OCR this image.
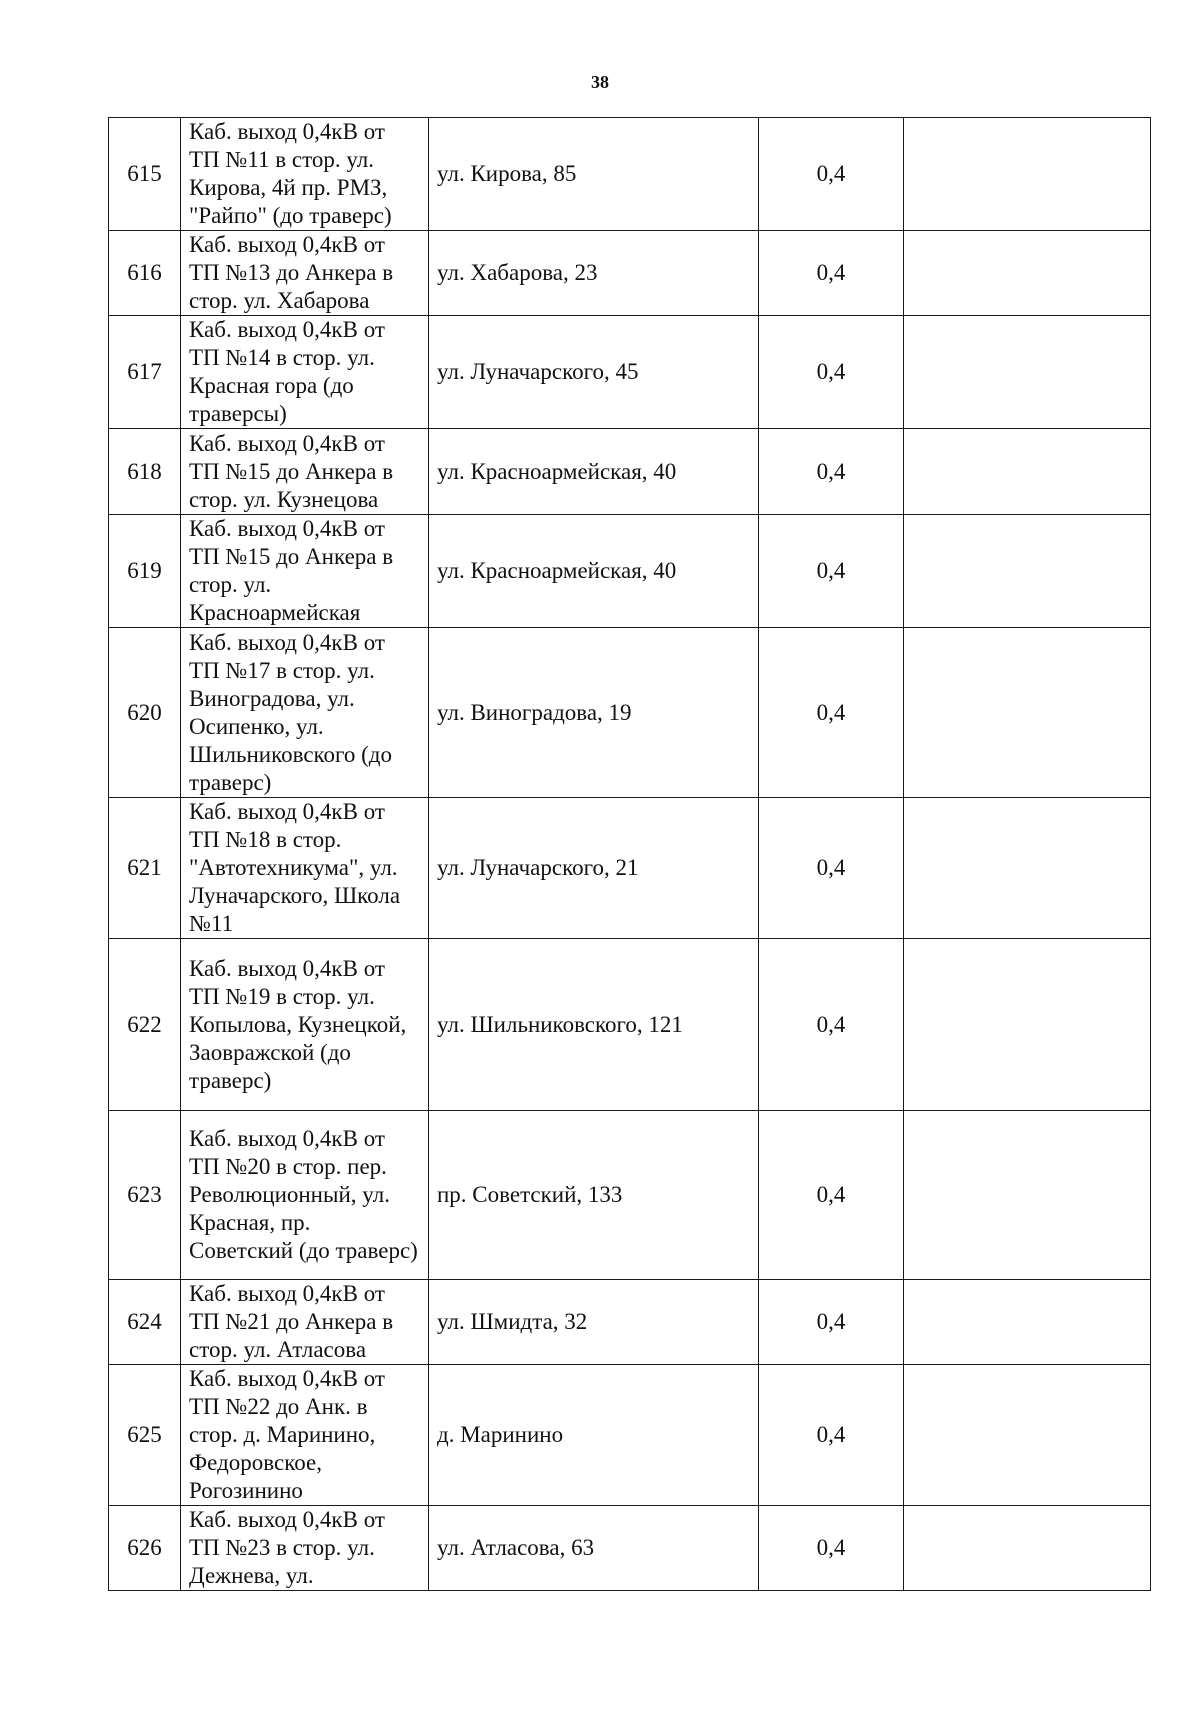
38
615	Каб. выход 0,4кВ от ТП №11 в стор. ул. Кирова, 4й пр. РМЗ, "Райпо" (до траверс)	ул. Кирова, 85	0,4	
616	Каб. выход 0,4кВ от ТП №13 до Анкера в стор. ул. Хабарова	ул. Хабарова, 23	0,4	
617	Каб. выход 0,4кВ от ТП №14 в стор. ул. Красная гора (до траверсы)	ул. Луначарского, 45	0,4	
618	Каб. выход 0,4кВ от ТП №15 до Анкера в стор. ул. Кузнецова	ул. Красноармейская, 40	0,4	
619	Каб. выход 0,4кВ от ТП №15 до Анкера в стор. ул. Красноармейская	ул. Красноармейская, 40	0,4	
620	Каб. выход 0,4кВ от ТП №17 в стор. ул. Виноградова, ул. Осипенко, ул. Шильниковского (до траверс)	ул. Виноградова, 19	0,4	
621	Каб. выход 0,4кВ от ТП №18 в стор. "Автотехникума", ул. Луначарского, Школа №11	ул. Луначарского, 21	0,4	
622	Каб. выход 0,4кВ от ТП №19 в стор. ул. Копылова, Кузнецкой, Заовражской (до траверс)	ул. Шильниковского, 121	0,4	
623	Каб. выход 0,4кВ от ТП №20 в стор. пер. Революционный, ул. Красная, пр. Советский (до траверс)	пр. Советский, 133	0,4	
624	Каб. выход 0,4кВ от ТП №21 до Анкера в стор. ул. Атласова	ул. Шмидта, 32	0,4	
625	Каб. выход 0,4кВ от ТП №22 до Анк. в стор. д. Маринино, Федоровское, Рогозинино	д. Маринино	0,4	
626	Каб. выход 0,4кВ от ТП №23 в стор. ул. Дежнева, ул.	ул. Атласова, 63	0,4	
